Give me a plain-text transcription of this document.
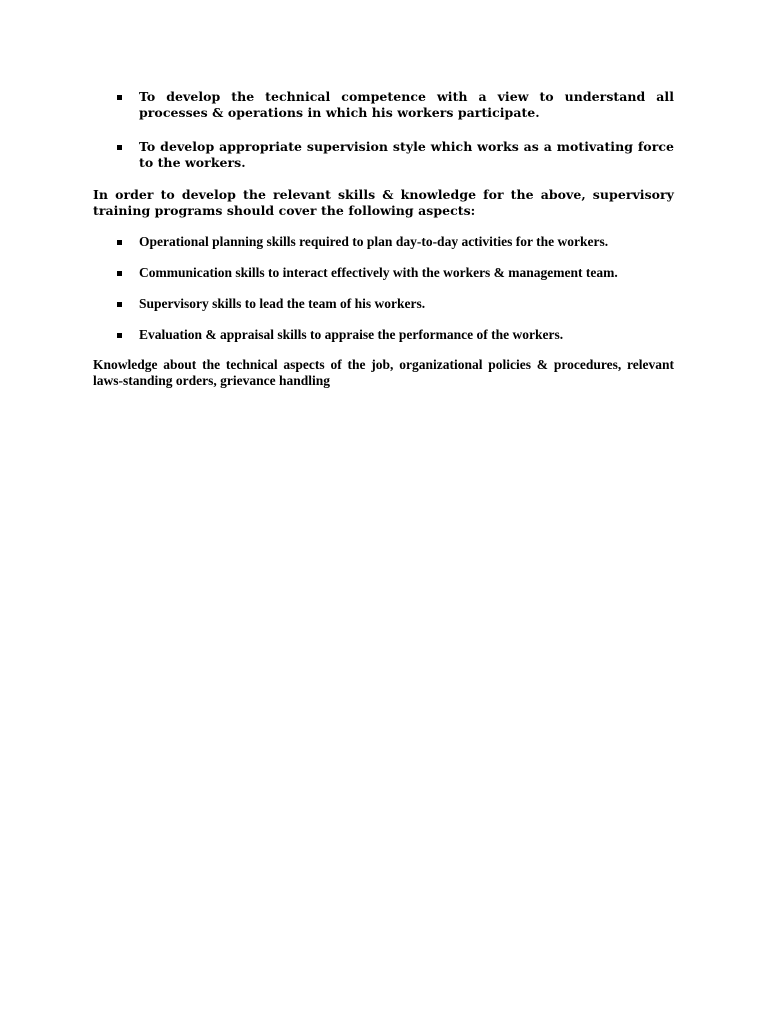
To develop the technical competence with a view to understand all processes & operations in which his workers participate.

To develop appropriate supervision style which works as a motivating force to the workers.

In order to develop the relevant skills & knowledge for the above, supervisory training programs should cover the following aspects:

Operational planning skills required to plan day-to-day activities for the workers.

Communication skills to interact effectively with the workers & management team.

Supervisory skills to lead the team of his workers.

Evaluation & appraisal skills to appraise the performance of the workers.

Knowledge about the technical aspects of the job, organizational policies & procedures, relevant laws-standing orders, grievance handling
